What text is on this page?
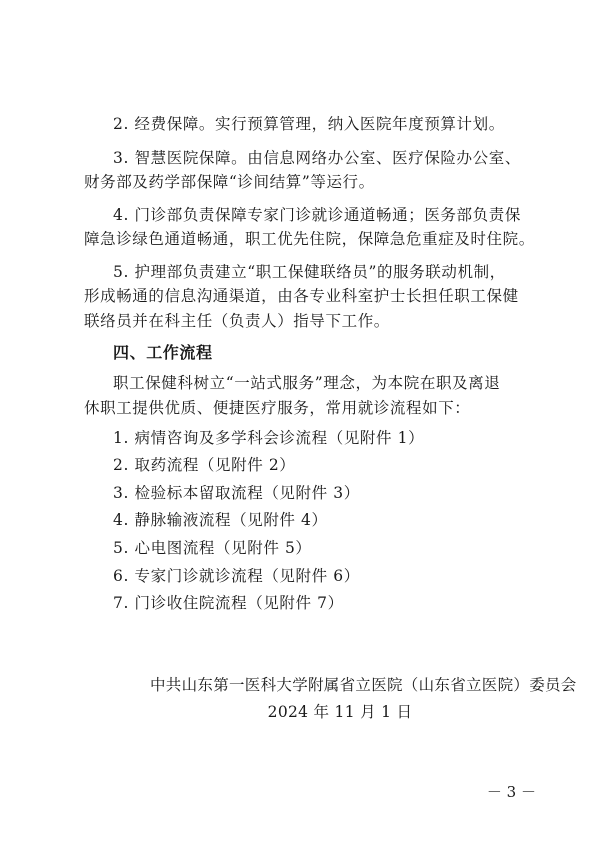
2. 经费保障。实行预算管理，纳入医院年度预算计划。
3. 智慧医院保障。由信息网络办公室、医疗保险办公室、
财务部及药学部保障“诊间结算”等运行。
4. 门诊部负责保障专家门诊就诊通道畅通；医务部负责保
障急诊绿色通道畅通，职工优先住院，保障急危重症及时住院。
5. 护理部负责建立“职工保健联络员”的服务联动机制，
形成畅通的信息沟通渠道，由各专业科室护士长担任职工保健
联络员并在科主任（负责人）指导下工作。
四、工作流程
职工保健科树立“一站式服务”理念，为本院在职及离退
休职工提供优质、便捷医疗服务，常用就诊流程如下：
1. 病情咨询及多学科会诊流程（见附件 1）
2. 取药流程（见附件 2）
3. 检验标本留取流程（见附件 3）
4. 静脉输液流程（见附件 4）
5. 心电图流程（见附件 5）
6. 专家门诊就诊流程（见附件 6）
7. 门诊收住院流程（见附件 7）
中共山东第一医科大学附属省立医院（山东省立医院）委员会
2024 年 11 月 1 日
－ 3 －
